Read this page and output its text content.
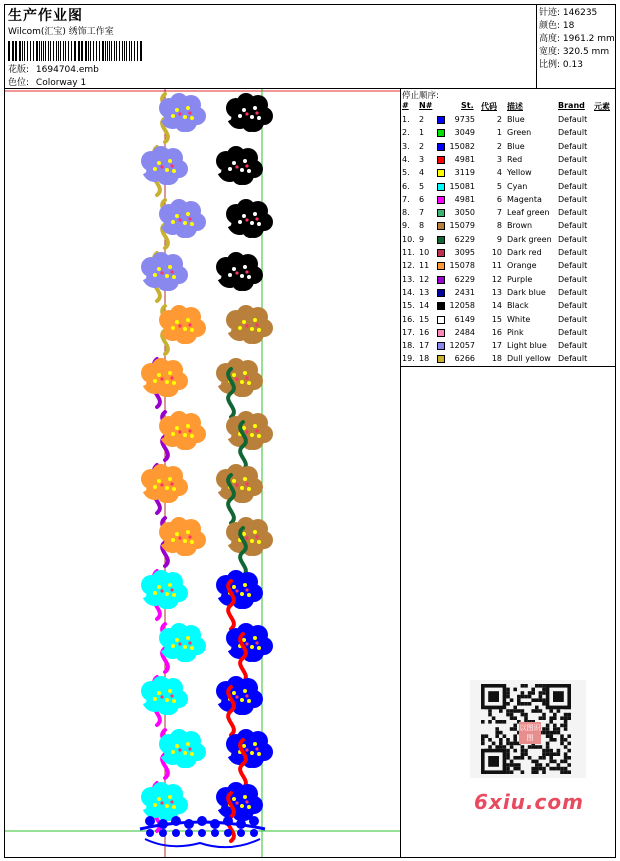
生产作业图
Wilcom(汇宝) 绣饰工作室
花版: 1694704.emb
色位: Colorway 1
针迹: 146235
颜色: 18
高度: 1961.2 mm
宽度: 320.5 mm
比例: 0.13
停止顺序:
# N#	St. 代码 描述	Brand 元素
1. 2	9735	2 Blue	Default
2. 1	3049	1 Green	Default
3. 2	15082	2 Blue	Default
4. 3	4981	3 Red	Default
5. 4	3119	4 Yellow	Default
6. 5	15081	5 Cyan	Default
7. 6	4981	6 Magenta Default
8. 7	3050	7 Leaf green Default
9. 8	15079	8 Brown	Default
10. 9	6229	9 Dark green Default
11. 10	3095 10 Dark red Default
12. 11	15078 11 Orange	Default
13. 12	6229 12 Purple	Default
14. 13	2431 13 Dark blue Default
15. 14	12058 14 Black	Default
16. 15	6149 15 White	Default
17. 16	2484 16 Pink	Default
18. 17	12057 17 Light blue Default
19. 18	6266 18 Dull yellow Default
以图识图
6xiu.com
